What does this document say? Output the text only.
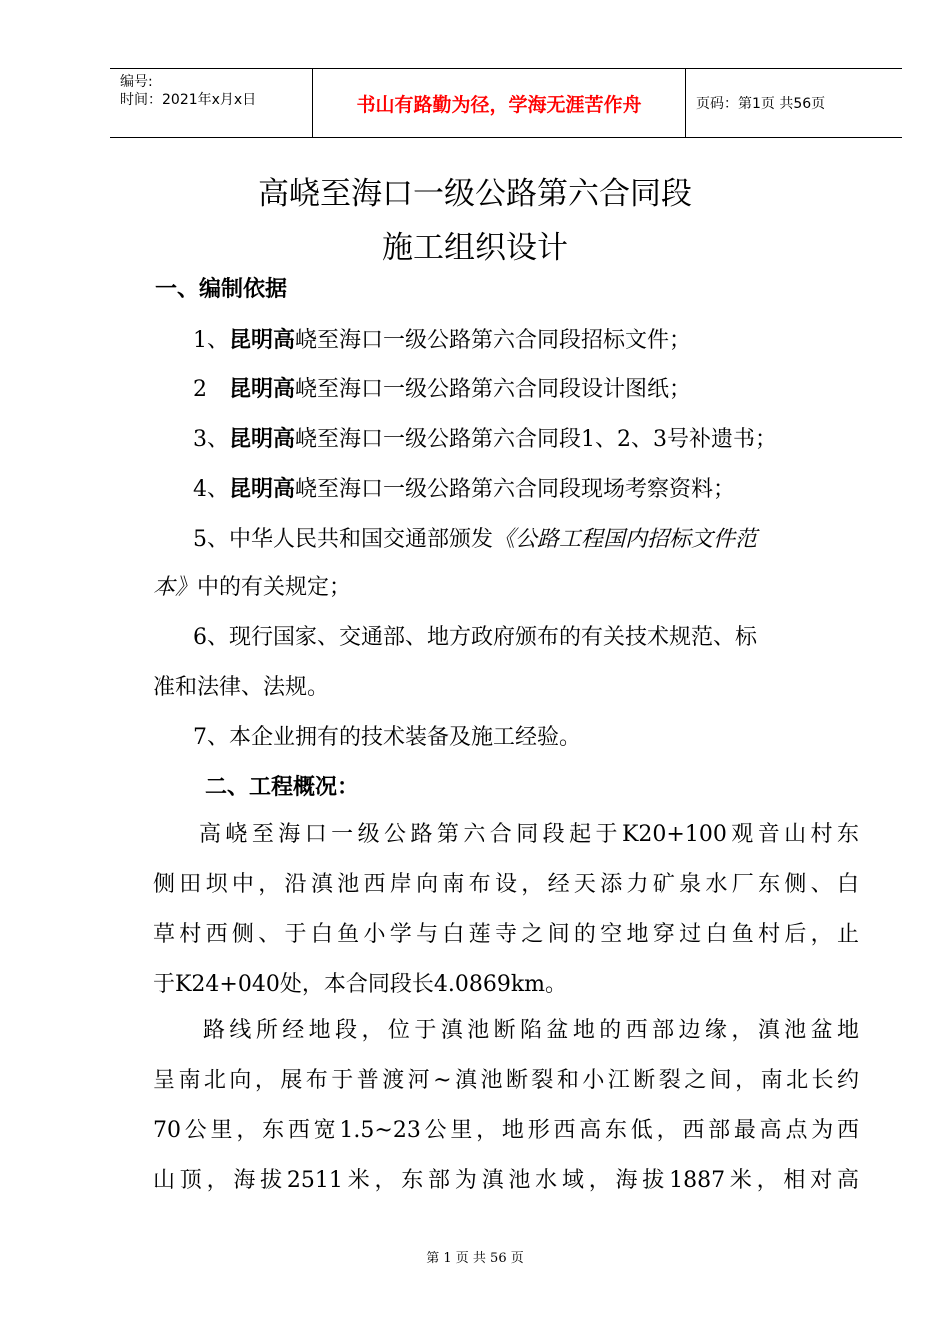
编号:
时间：2021年x月x日	书山有路勤为径，学海无涯苦作舟	页码：第1页 共56页
高峣至海口一级公路第六合同段
施工组织设计
一、编制依据
1、昆明高峣至海口一级公路第六合同段招标文件；
2　昆明高峣至海口一级公路第六合同段设计图纸；
3、昆明高峣至海口一级公路第六合同段1、2、3号补遗书；
4、昆明高峣至海口一级公路第六合同段现场考察资料；
5、中华人民共和国交通部颁发《公路工程国内招标文件范
本》中的有关规定；
6、现行国家、交通部、地方政府颁布的有关技术规范、标
准和法律、法规。
7、本企业拥有的技术装备及施工经验。
二、工程概况：
高峣至海口一级公路第六合同段起于K20+100观音山村东
侧田坝中，沿滇池西岸向南布设，经天添力矿泉水厂东侧、白
草村西侧、于白鱼小学与白莲寺之间的空地穿过白鱼村后，止
于K24+040处，本合同段长4.0869km。
路线所经地段，位于滇池断陷盆地的西部边缘，滇池盆地
呈南北向，展布于普渡河~滇池断裂和小江断裂之间，南北长约
70公里，东西宽1.5~23公里，地形西高东低，西部最高点为西
山顶，海拔2511米，东部为滇池水域，海拔1887米，相对高
第 1 页 共 56 页
